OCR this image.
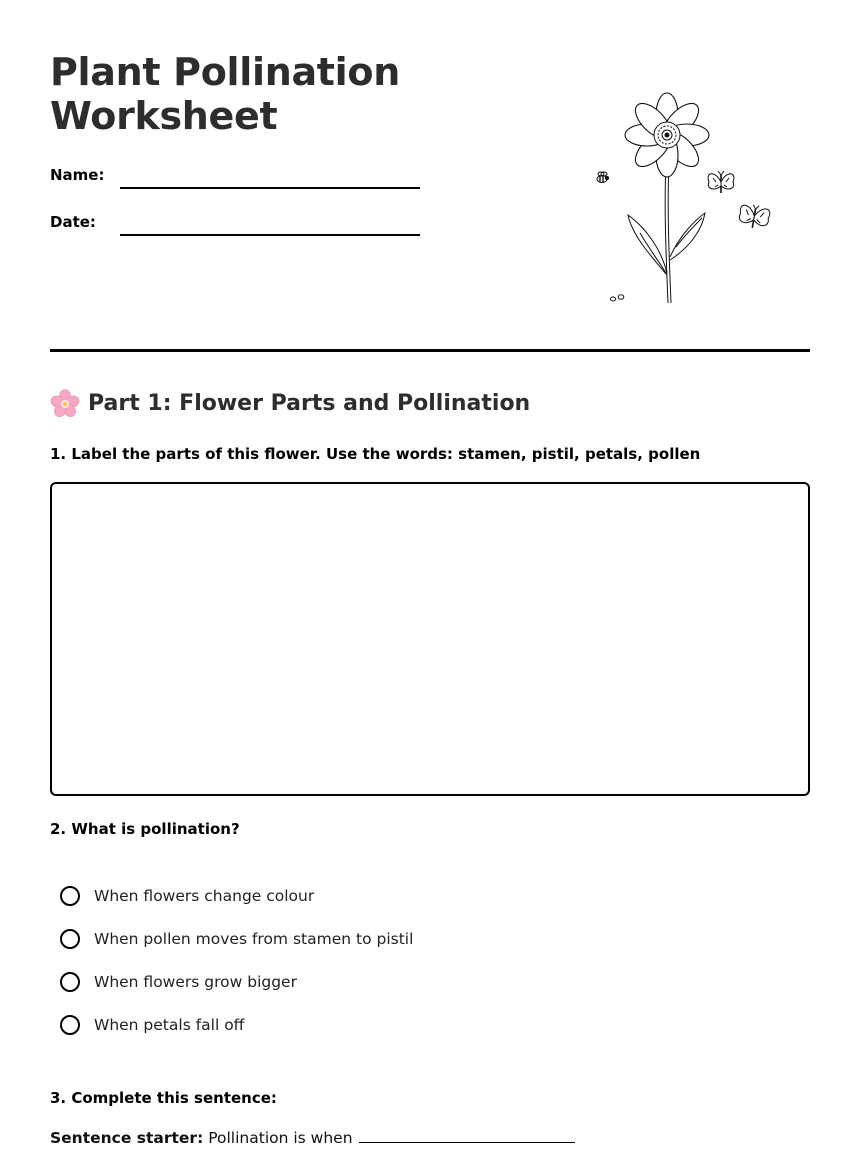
Plant Pollination Worksheet
Name:
Date:
Part 1: Flower Parts and Pollination

1. Label the parts of this flower. Use the words: stamen, pistil, petals, pollen

2. What is pollination?

When flowers change colour
When pollen moves from stamen to pistil
When flowers grow bigger
When petals fall off

3. Complete this sentence:

Sentence starter: Pollination is when
